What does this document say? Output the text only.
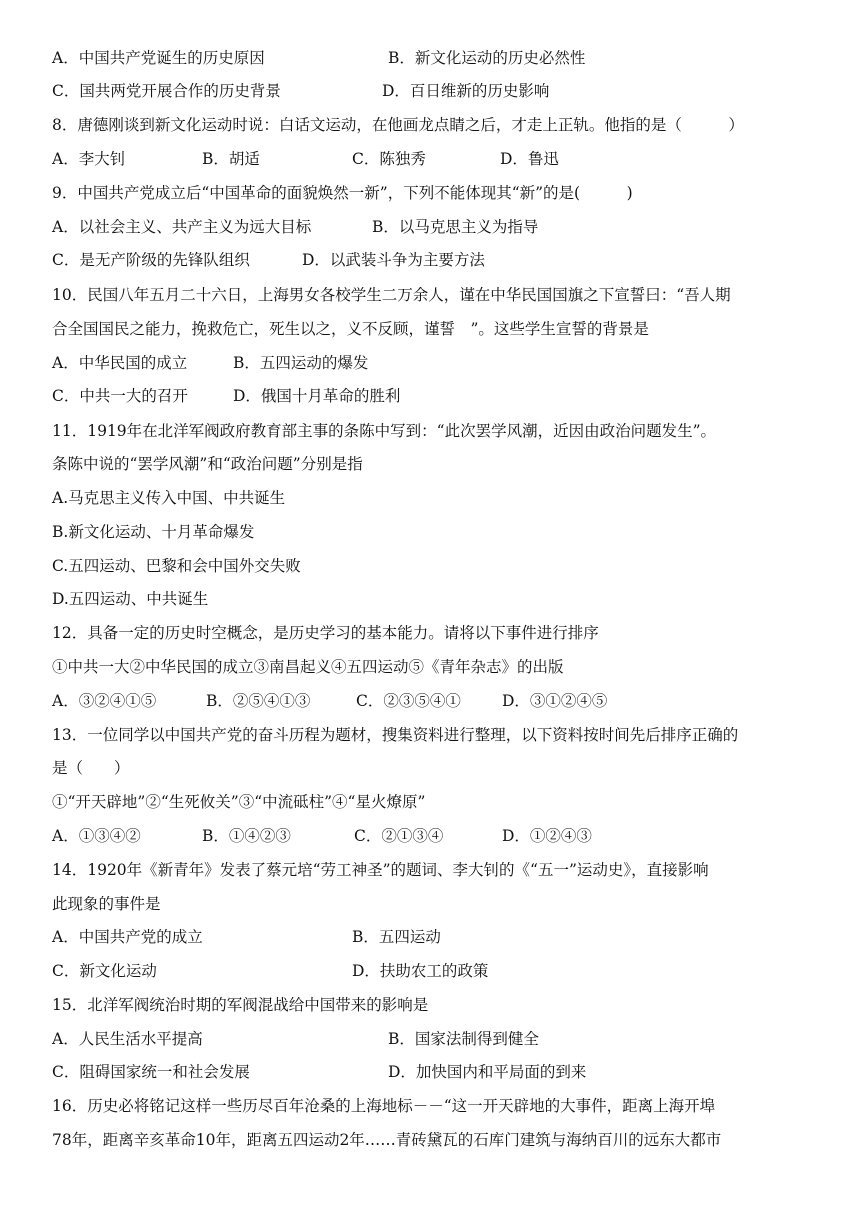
A．中国共产党诞生的历史原因	B．新文化运动的历史必然性
C．国共两党开展合作的历史背景	D．百日维新的历史影响
8．唐德刚谈到新文化运动时说：白话文运动，在他画龙点睛之后，才走上正轨。他指的是（　　　）
A．李大钊	B．胡适	C．陈独秀	D．鲁迅
9．中国共产党成立后“中国革命的面貌焕然一新”，下列不能体现其“新”的是(　　　)
A．以社会主义、共产主义为远大目标	B．以马克思主义为指导
C．是无产阶级的先锋队组织	D．以武装斗争为主要方法
10．民国八年五月二十六日，上海男女各校学生二万余人，谨在中华民国国旗之下宣誓曰：“吾人期
合全国国民之能力，挽救危亡，死生以之，义不反顾，谨誓　”。这些学生宣誓的背景是
A．中华民国的成立	B．五四运动的爆发
C．中共一大的召开	D．俄国十月革命的胜利
11．1919年在北洋军阀政府教育部主事的条陈中写到：“此次罢学风潮，近因由政治问题发生”。
条陈中说的“罢学风潮”和“政治问题”分别是指
A.马克思主义传入中国、中共诞生
B.新文化运动、十月革命爆发
C.五四运动、巴黎和会中国外交失败
D.五四运动、中共诞生
12．具备一定的历史时空概念，是历史学习的基本能力。请将以下事件进行排序
①中共一大②中华民国的成立③南昌起义④五四运动⑤《青年杂志》的出版
A．③②④①⑤	B．②⑤④①③	C．②③⑤④①	D．③①②④⑤
13．一位同学以中国共产党的奋斗历程为题材，搜集资料进行整理，以下资料按时间先后排序正确的
是（　　）
①“开天辟地”②“生死攸关”③“中流砥柱”④“星火燎原”
A．①③④②	B．①④②③	C．②①③④	D．①②④③
14．1920年《新青年》发表了蔡元培“劳工神圣”的题词、李大钊的《“五一”运动史》，直接影响
此现象的事件是
A．中国共产党的成立	B．五四运动
C．新文化运动	D．扶助农工的政策
15．北洋军阀统治时期的军阀混战给中国带来的影响是
A．人民生活水平提高	B．国家法制得到健全
C．阻碍国家统一和社会发展	D．加快国内和平局面的到来
16．历史必将铭记这样一些历尽百年沧桑的上海地标－－“这一开天辟地的大事件，距离上海开埠
78年，距离辛亥革命10年，距离五四运动2年……青砖黛瓦的石库门建筑与海纳百川的远东大都市
